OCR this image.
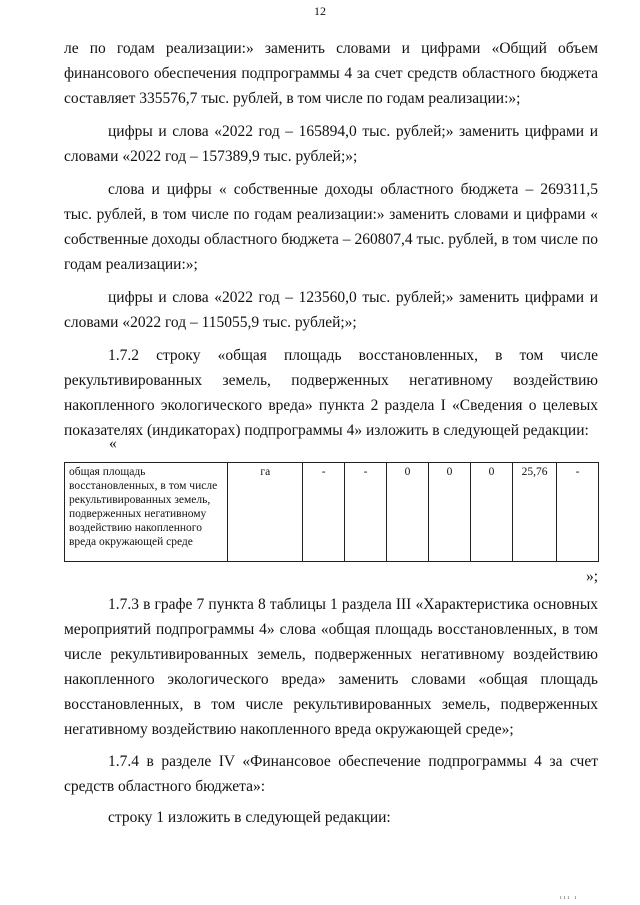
12
ле по годам реализации:» заменить словами и цифрами «Общий объем финансового обеспечения подпрограммы 4 за счет средств областного бюджета составляет 335576,7 тыс. рублей, в том числе по годам реализации:»;
цифры и слова «2022 год – 165894,0 тыс. рублей;» заменить цифрами и словами «2022 год – 157389,9 тыс. рублей;»;
слова и цифры « собственные доходы областного бюджета – 269311,5 тыс. рублей, в том числе по годам реализации:» заменить словами и цифрами « собственные доходы областного бюджета – 260807,4 тыс. рублей, в том числе по годам реализации:»;
цифры и слова «2022 год – 123560,0 тыс. рублей;» заменить цифрами и словами «2022 год – 115055,9 тыс. рублей;»;
1.7.2 строку «общая площадь восстановленных, в том числе рекультивированных земель, подверженных негативному воздействию накопленного экологического вреда» пункта 2 раздела I «Сведения о целевых показателях (индикаторах) подпрограммы 4» изложить в следующей редакции:
«
общая площадь восстановленных, в том числе рекультивированных земель, подверженных негативному воздействию накопленного вреда окружающей среде	га	-	-	0	0	0	25,76	-
»;
1.7.3 в графе 7 пункта 8 таблицы 1 раздела III «Характеристика основных мероприятий подпрограммы 4» слова «общая площадь восстановленных, в том числе рекультивированных земель, подверженных негативному воздействию накопленного экологического вреда» заменить словами «общая площадь восстановленных, в том числе рекультивированных земель, подверженных негативному воздействию накопленного вреда окружающей среде»;
1.7.4 в разделе IV «Финансовое обеспечение подпрограммы 4 за счет средств областного бюджета»:
строку 1 изложить в следующей редакции:
ııı ı
